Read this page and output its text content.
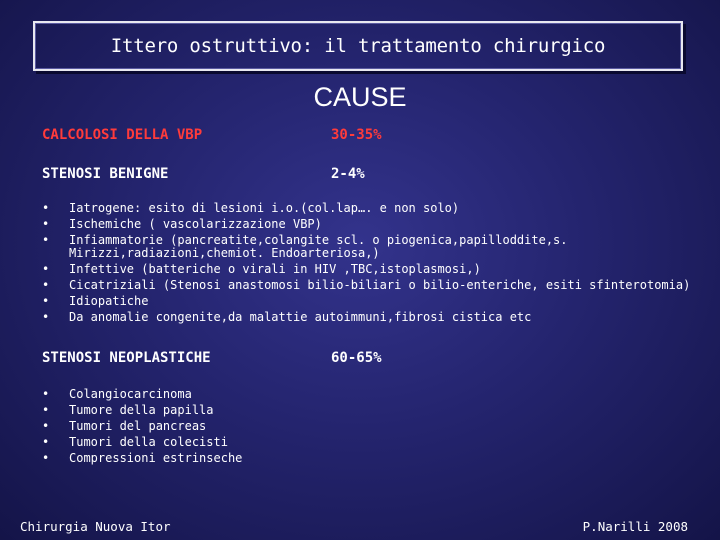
Ittero ostruttivo: il trattamento chirurgico
CAUSE
CALCOLOSI DELLA VBP	30-35%
STENOSI BENIGNE	2-4%
• Iatrogene: esito di lesioni i.o.(col.lap…. e non solo)
• Ischemiche ( vascolarizzazione VBP)
• Infiammatorie (pancreatite,colangite scl. o piogenica,papilloddite,s.
Mirizzi,radiazioni,chemiot. Endoarteriosa,)
• Infettive (batteriche o virali in HIV ,TBC,istoplasmosi,)
• Cicatriziali (Stenosi anastomosi bilio-biliari o bilio-enteriche, esiti sfinterotomia)
• Idiopatiche
• Da anomalie congenite,da malattie autoimmuni,fibrosi cistica etc
STENOSI NEOPLASTICHE	60-65%
• Colangiocarcinoma
• Tumore della papilla
• Tumori del pancreas
• Tumori della colecisti
• Compressioni estrinseche
Chirurgia Nuova Itor	P.Narilli 2008
